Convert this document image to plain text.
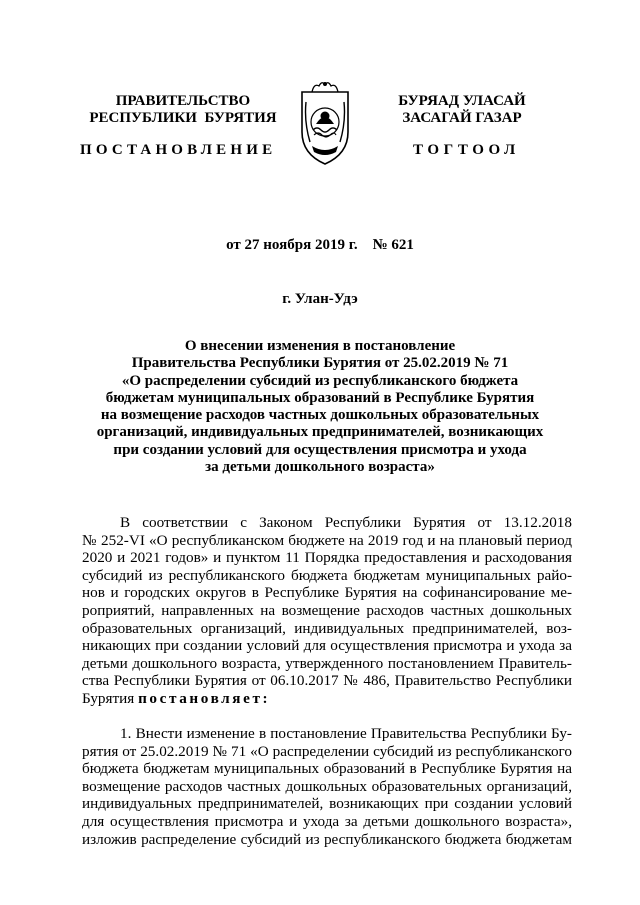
ПРАВИТЕЛЬСТВО
РЕСПУБЛИКИ  БУРЯТИЯ
БУРЯАД УЛАСАЙ
ЗАСАГАЙ ГАЗАР
ПОСТАНОВЛЕНИЕ	ТОГТООЛ
от 27 ноября 2019 г.    № 621
г. Улан-Удэ
О внесении изменения в постановление
Правительства Республики Бурятия от 25.02.2019 № 71
«О распределении субсидий из республиканского бюджета
бюджетам муниципальных образований в Республике Бурятия
на возмещение расходов частных дошкольных образовательных
организаций, индивидуальных предпринимателей, возникающих
при создании условий для осуществления присмотра и ухода
за детьми дошкольного возраста»
В  соответствии  с  Законом  Республики  Бурятия  от  13.12.2018
№ 252-VI «О республиканском бюджете на 2019 год и на плановый период
2020 и 2021 годов» и пунктом 11 Порядка предоставления и расходования
субсидий из республиканского бюджета бюджетам муниципальных райо-
нов и городских округов в Республике Бурятия на софинансирование ме-
роприятий, направленных на возмещение расходов частных дошкольных
образовательных организаций, индивидуальных предпринимателей, воз-
никающих при создании условий для осуществления присмотра и ухода за
детьми дошкольного возраста, утвержденного постановлением Правитель-
ства Республики Бурятия от 06.10.2017 № 486, Правительство Республики
Бурятия постановляет:
1. Внести изменение в постановление Правительства Республики Бу-
рятия от 25.02.2019 № 71 «О распределении субсидий из республиканского
бюджета бюджетам муниципальных образований в Республике Бурятия на
возмещение расходов частных дошкольных образовательных организаций,
индивидуальных предпринимателей, возникающих при создании условий
для осуществления присмотра и ухода за детьми дошкольного возраста»,
изложив распределение субсидий из республиканского бюджета бюджетам
